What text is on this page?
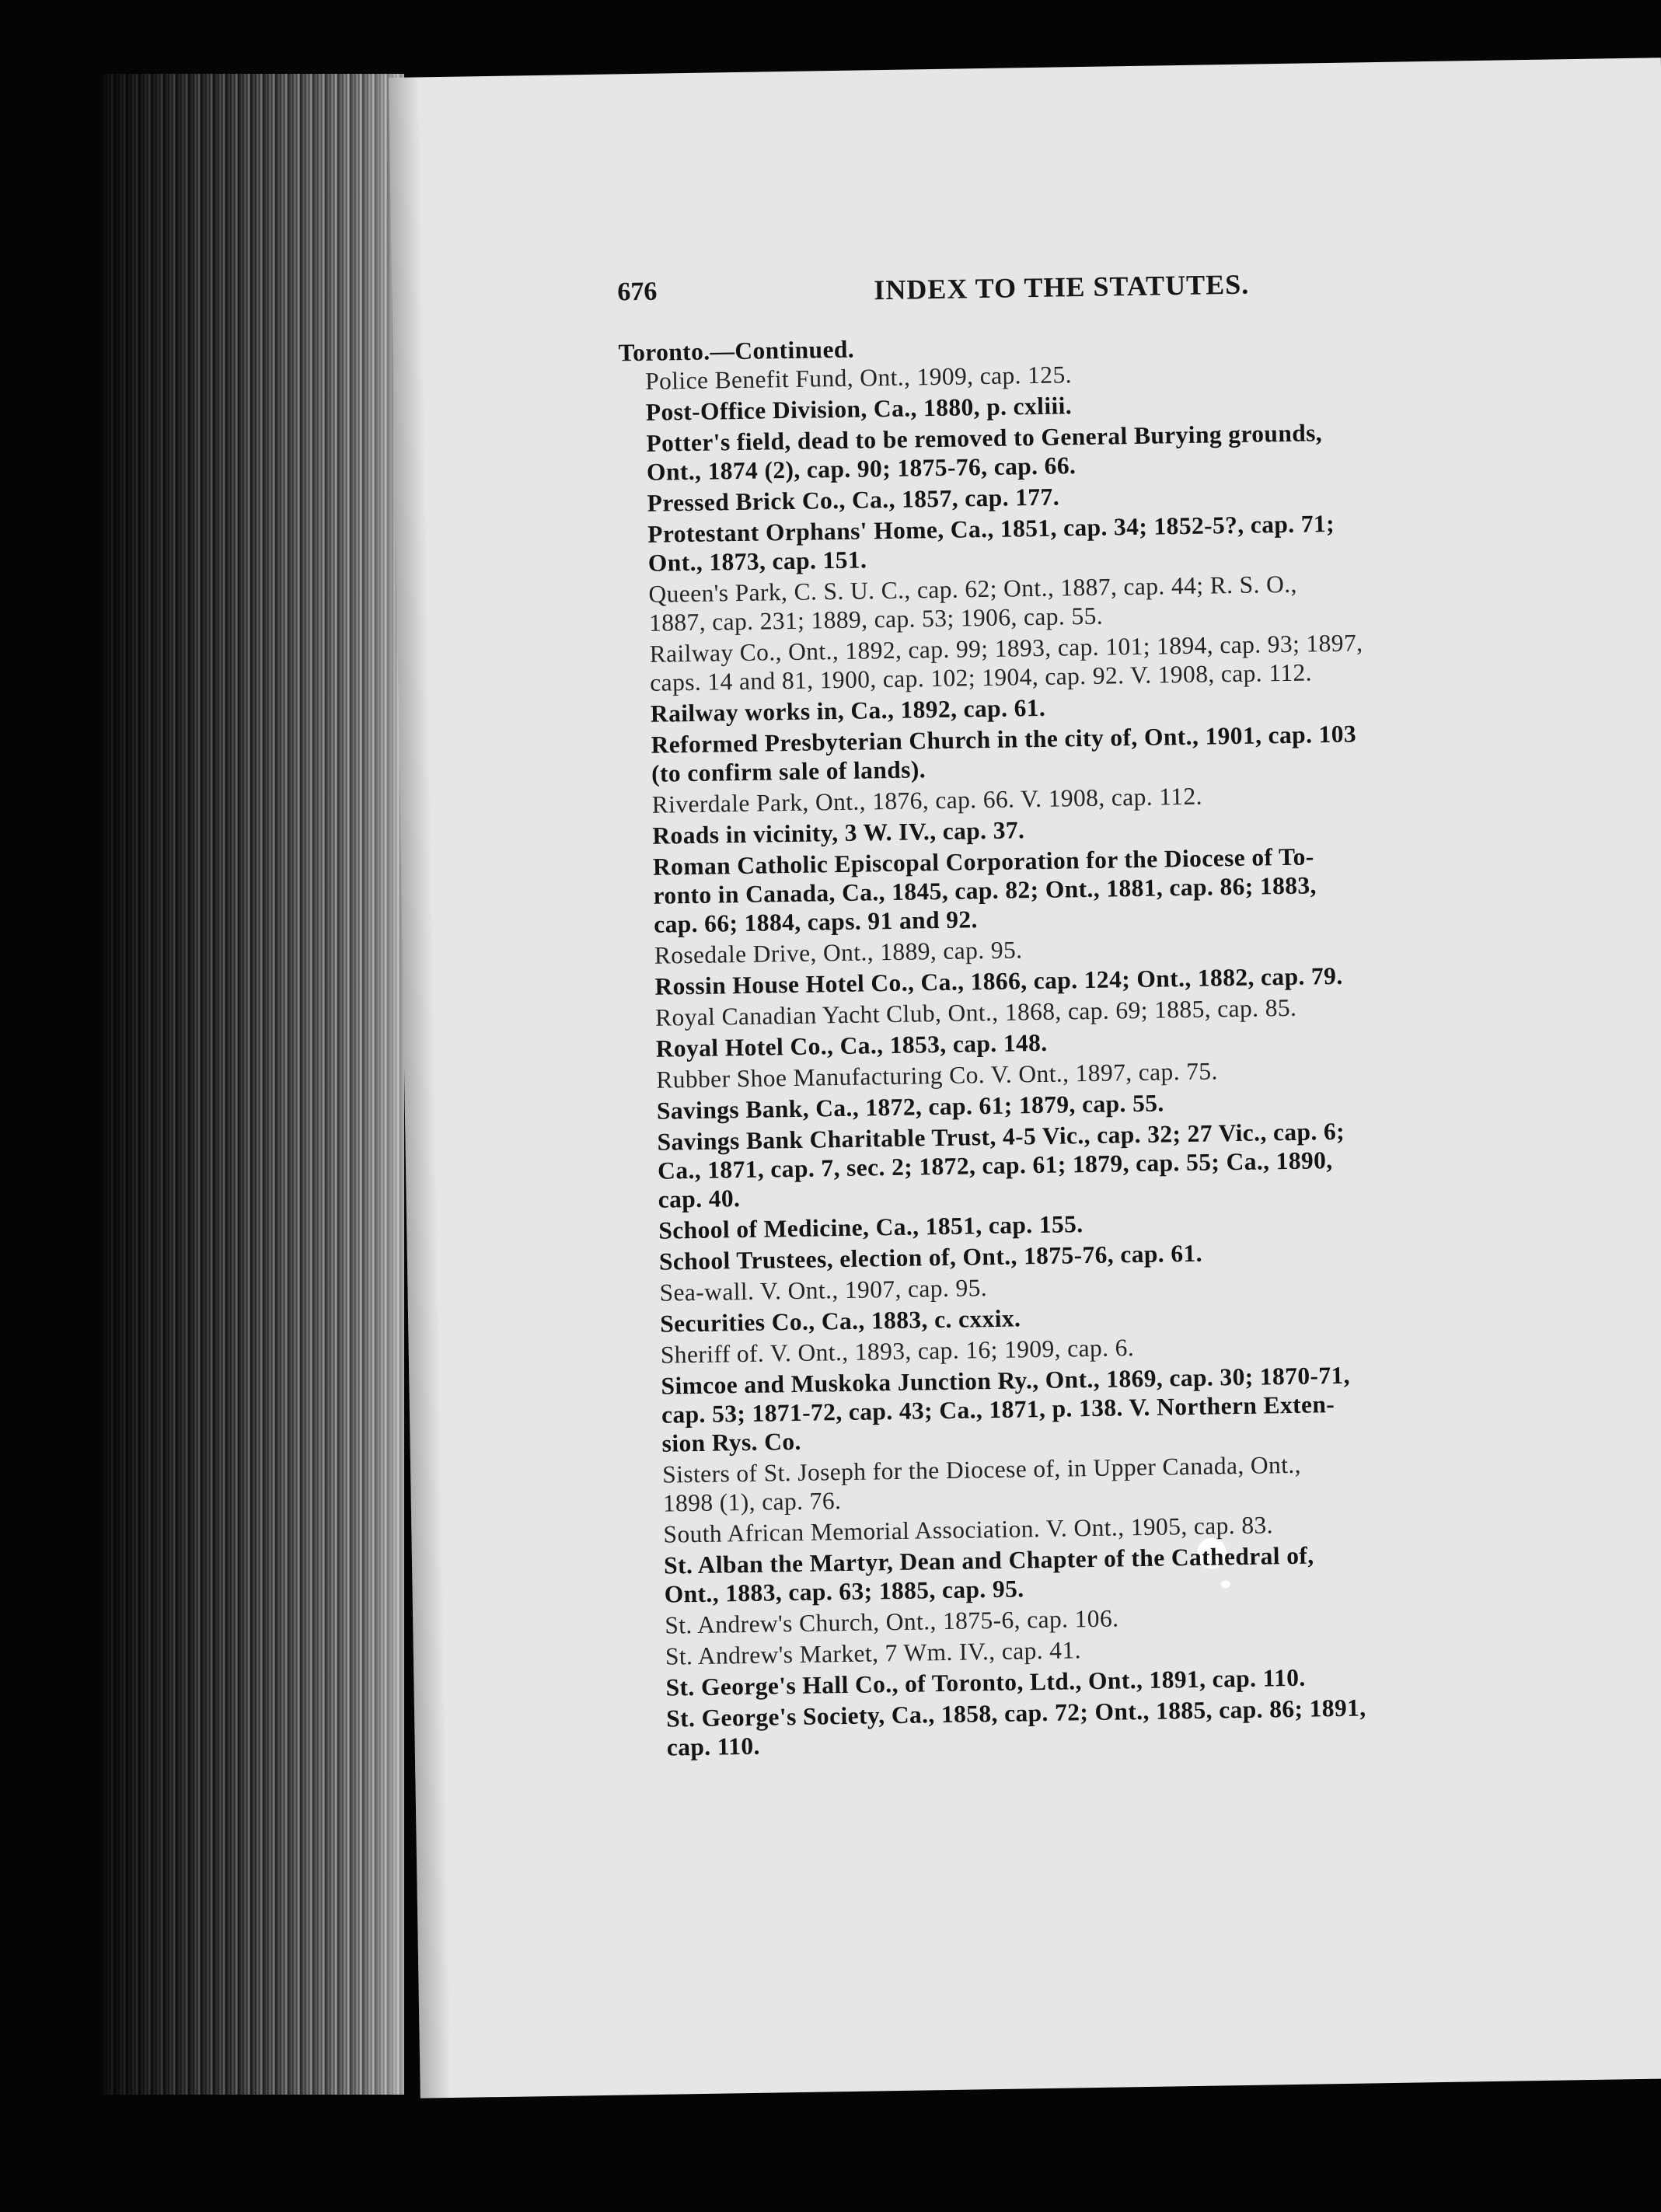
676	INDEX TO THE STATUTES.

Toronto.—Continued.

Police Benefit Fund, Ont., 1909, cap. 125.

Post-Office Division, Ca., 1880, p. cxliii.

Potter's field, dead to be removed to General Burying grounds,
Ont., 1874 (2), cap. 90; 1875-76, cap. 66.

Pressed Brick Co., Ca., 1857, cap. 177.

Protestant Orphans' Home, Ca., 1851, cap. 34; 1852-5?, cap. 71;
Ont., 1873, cap. 151.

Queen's Park, C. S. U. C., cap. 62; Ont., 1887, cap. 44; R. S. O.,
1887, cap. 231; 1889, cap. 53; 1906, cap. 55.

Railway Co., Ont., 1892, cap. 99; 1893, cap. 101; 1894, cap. 93; 1897,
caps. 14 and 81, 1900, cap. 102; 1904, cap. 92. V. 1908, cap. 112.

Railway works in, Ca., 1892, cap. 61.

Reformed Presbyterian Church in the city of, Ont., 1901, cap. 103
(to confirm sale of lands).

Riverdale Park, Ont., 1876, cap. 66. V. 1908, cap. 112.

Roads in vicinity, 3 W. IV., cap. 37.

Roman Catholic Episcopal Corporation for the Diocese of To-
ronto in Canada, Ca., 1845, cap. 82; Ont., 1881, cap. 86; 1883,
cap. 66; 1884, caps. 91 and 92.

Rosedale Drive, Ont., 1889, cap. 95.

Rossin House Hotel Co., Ca., 1866, cap. 124; Ont., 1882, cap. 79.

Royal Canadian Yacht Club, Ont., 1868, cap. 69; 1885, cap. 85.

Royal Hotel Co., Ca., 1853, cap. 148.

Rubber Shoe Manufacturing Co. V. Ont., 1897, cap. 75.

Savings Bank, Ca., 1872, cap. 61; 1879, cap. 55.

Savings Bank Charitable Trust, 4-5 Vic., cap. 32; 27 Vic., cap. 6;
Ca., 1871, cap. 7, sec. 2; 1872, cap. 61; 1879, cap. 55; Ca., 1890,
cap. 40.

School of Medicine, Ca., 1851, cap. 155.

School Trustees, election of, Ont., 1875-76, cap. 61.

Sea-wall. V. Ont., 1907, cap. 95.

Securities Co., Ca., 1883, c. cxxix.

Sheriff of. V. Ont., 1893, cap. 16; 1909, cap. 6.

Simcoe and Muskoka Junction Ry., Ont., 1869, cap. 30; 1870-71,
cap. 53; 1871-72, cap. 43; Ca., 1871, p. 138. V. Northern Exten-
sion Rys. Co.

Sisters of St. Joseph for the Diocese of, in Upper Canada, Ont.,
1898 (1), cap. 76.

South African Memorial Association. V. Ont., 1905, cap. 83.

St. Alban the Martyr, Dean and Chapter of the Cathedral of,
Ont., 1883, cap. 63; 1885, cap. 95.

St. Andrew's Church, Ont., 1875-6, cap. 106.

St. Andrew's Market, 7 Wm. IV., cap. 41.

St. George's Hall Co., of Toronto, Ltd., Ont., 1891, cap. 110.

St. George's Society, Ca., 1858, cap. 72; Ont., 1885, cap. 86; 1891,
cap. 110.
